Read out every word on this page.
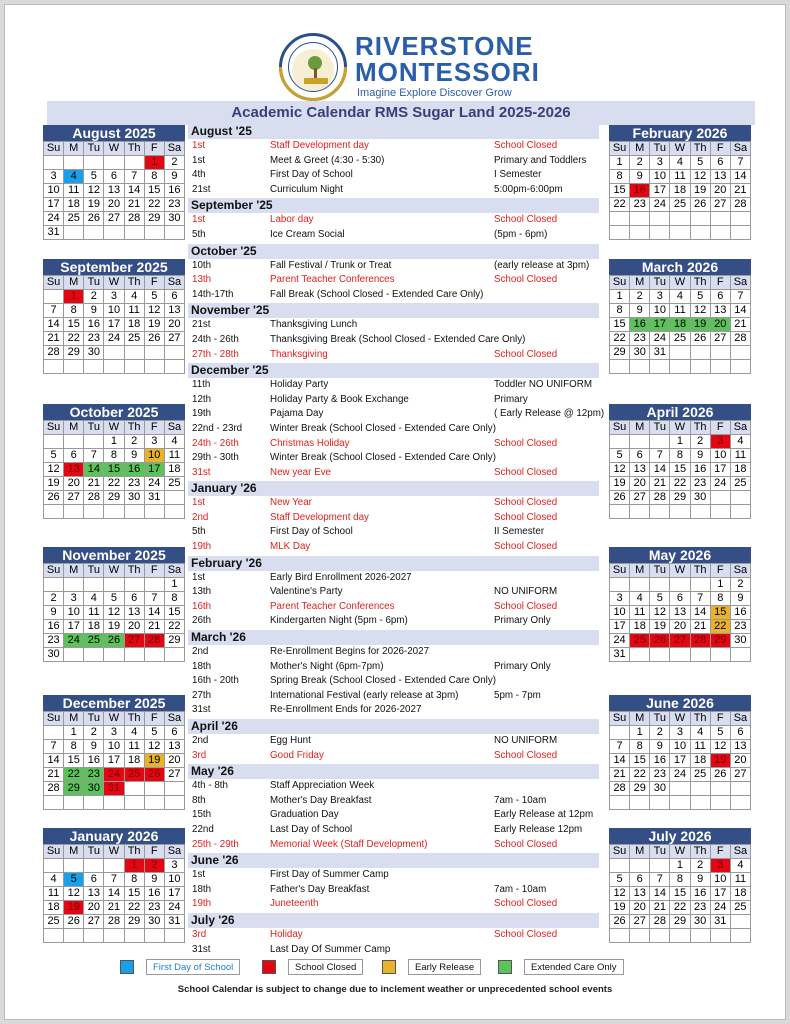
RIVERSTONE
MONTESSORI
Imagine Explore Discover Grow
Academic Calendar RMS Sugar Land 2025-2026
August '25
1st	Staff Development day	School Closed
1st	Meet & Greet (4:30 - 5:30)	Primary and Toddlers
4th	First Day of School	I Semester
21st	Curriculum Night	5:00pm-6:00pm
September '25
1st	Labor day	School Closed
5th	Ice Cream Social	(5pm - 6pm)
October '25
10th	Fall Festival / Trunk or Treat	(early release at 3pm)
13th	Parent Teacher Conferences	School Closed
14th-17th	Fall Break (School Closed - Extended Care Only)
November '25
21st	Thanksgiving Lunch
24th - 26th	Thanksgiving Break (School Closed - Extended Care Only)
27th - 28th	Thanksgiving	School Closed
December '25
11th	Holiday Party	Toddler NO UNIFORM
12th	Holiday Party & Book Exchange	Primary
19th	Pajama Day	( Early Release @ 12pm)
22nd - 23rd	Winter Break (School Closed - Extended Care Only)
24th - 26th	Christmas Holiday	School Closed
29th - 30th	Winter Break (School Closed - Extended Care Only)
31st	New year Eve	School Closed
January '26
1st	New Year	School Closed
2nd	Staff Development day	School Closed
5th	First Day of School	II Semester
19th	MLK Day	School Closed
February '26
1st	Early Bird Enrollment 2026-2027
13th	Valentine's Party	NO UNIFORM
16th	Parent Teacher Conferences	School Closed
26th	Kindergarten Night (5pm - 6pm)	Primary Only
March '26
2nd	Re-Enrollment Begins for 2026-2027
18th	Mother's Night (6pm-7pm)	Primary Only
16th - 20th	Spring Break (School Closed - Extended Care Only)
27th	International Festival (early release at 3pm)	5pm - 7pm
31st	Re-Enrollment Ends for 2026-2027
April '26
2nd	Egg Hunt	NO UNIFORM
3rd	Good Friday	School Closed
May '26
4th - 8th	Staff Appreciation Week
8th	Mother's Day Breakfast	7am - 10am
15th	Graduation Day	Early Release at 12pm
22nd	Last Day of School	Early Release 12pm
25th - 29th	Memorial Week (Staff Development)	School Closed
June '26
1st	First Day of Summer Camp
18th	Father's Day Breakfast	7am - 10am
19th	Juneteenth	School Closed
July '26
3rd	Holiday	School Closed
31st	Last Day Of Summer Camp
First Day of School	School Closed	Early Release	Extended Care Only
School Calendar is subject to change due to inclement weather or unprecedented school events
August 2025
Su	M	Tu	W	Th	F	Sa
					1	2
3	4	5	6	7	8	9
10	11	12	13	14	15	16
17	18	19	20	21	22	23
24	25	26	27	28	29	30
31						
September 2025
Su	M	Tu	W	Th	F	Sa
	1	2	3	4	5	6
7	8	9	10	11	12	13
14	15	16	17	18	19	20
21	22	23	24	25	26	27
28	29	30				

October 2025
Su	M	Tu	W	Th	F	Sa
			1	2	3	4
5	6	7	8	9	10	11
12	13	14	15	16	17	18
19	20	21	22	23	24	25
26	27	28	29	30	31	

November 2025
Su	M	Tu	W	Th	F	Sa
						1
2	3	4	5	6	7	8
9	10	11	12	13	14	15
16	17	18	19	20	21	22
23	24	25	26	27	28	29
30						
December 2025
Su	M	Tu	W	Th	F	Sa
	1	2	3	4	5	6
7	8	9	10	11	12	13
14	15	16	17	18	19	20
21	22	23	24	25	26	27
28	29	30	31			

January 2026
Su	M	Tu	W	Th	F	Sa
				1	2	3
4	5	6	7	8	9	10
11	12	13	14	15	16	17
18	19	20	21	22	23	24
25	26	27	28	29	30	31

February 2026
Su	M	Tu	W	Th	F	Sa
1	2	3	4	5	6	7
8	9	10	11	12	13	14
15	16	17	18	19	20	21
22	23	24	25	26	27	28

March 2026
Su	M	Tu	W	Th	F	Sa
1	2	3	4	5	6	7
8	9	10	11	12	13	14
15	16	17	18	19	20	21
22	23	24	25	26	27	28
29	30	31				

April 2026
Su	M	Tu	W	Th	F	Sa
			1	2	3	4
5	6	7	8	9	10	11
12	13	14	15	16	17	18
19	20	21	22	23	24	25
26	27	28	29	30		

May 2026
Su	M	Tu	W	Th	F	Sa
					1	2
3	4	5	6	7	8	9
10	11	12	13	14	15	16
17	18	19	20	21	22	23
24	25	26	27	28	29	30
31						
June 2026
Su	M	Tu	W	Th	F	Sa
	1	2	3	4	5	6
7	8	9	10	11	12	13
14	15	16	17	18	19	20
21	22	23	24	25	26	27
28	29	30				

July 2026
Su	M	Tu	W	Th	F	Sa
			1	2	3	4
5	6	7	8	9	10	11
12	13	14	15	16	17	18
19	20	21	22	23	24	25
26	27	28	29	30	31	
